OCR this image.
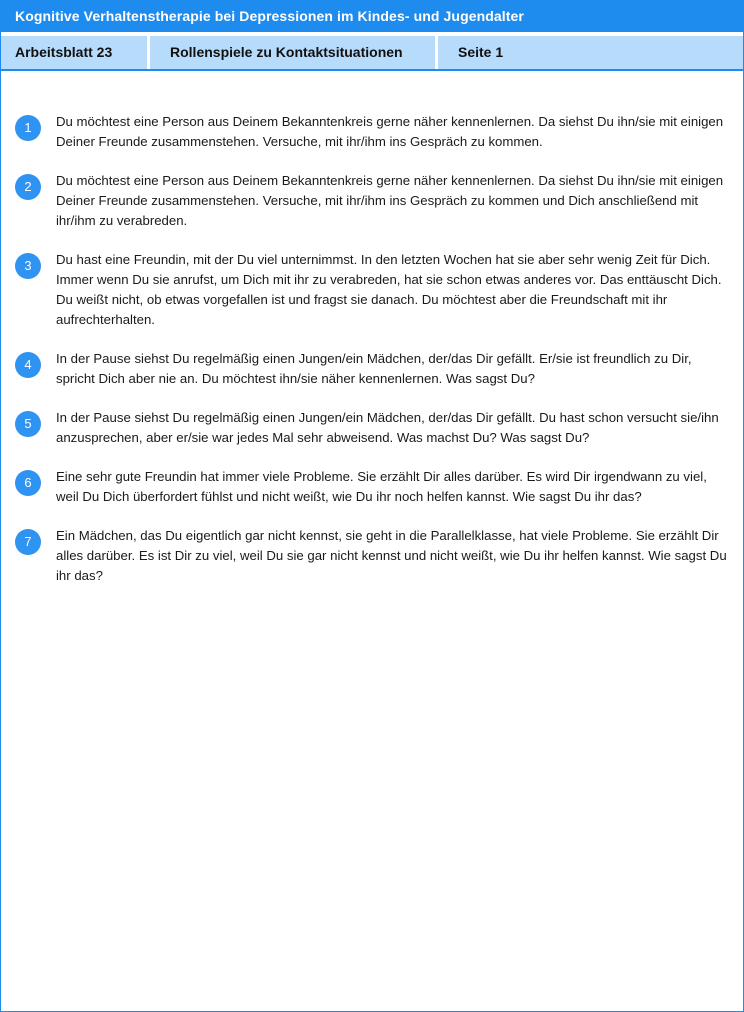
Kognitive Verhaltenstherapie bei Depressionen im Kindes- und Jugendalter
Arbeitsblatt 23	Rollenspiele zu Kontaktsituationen	Seite 1
1	Du möchtest eine Person aus Deinem Bekanntenkreis gerne näher kennenlernen. Da siehst Du ihn/sie mit einigen Deiner Freunde zusammenstehen. Versuche, mit ihr/ihm ins Gespräch zu kommen.
2	Du möchtest eine Person aus Deinem Bekanntenkreis gerne näher kennenlernen. Da siehst Du ihn/sie mit einigen Deiner Freunde zusammenstehen. Versuche, mit ihr/ihm ins Gespräch zu kommen und Dich anschließend mit ihr/ihm zu verabreden.
3	Du hast eine Freundin, mit der Du viel unternimmst. In den letzten Wochen hat sie aber sehr wenig Zeit für Dich. Immer wenn Du sie anrufst, um Dich mit ihr zu verabreden, hat sie schon etwas anderes vor. Das enttäuscht Dich. Du weißt nicht, ob etwas vorgefallen ist und fragst sie danach. Du möchtest aber die Freundschaft mit ihr aufrechterhalten.
4	In der Pause siehst Du regelmäßig einen Jungen/ein Mädchen, der/das Dir gefällt. Er/sie ist freundlich zu Dir, spricht Dich aber nie an. Du möchtest ihn/sie näher kennenlernen. Was sagst Du?
5	In der Pause siehst Du regelmäßig einen Jungen/ein Mädchen, der/das Dir gefällt. Du hast schon versucht sie/ihn anzusprechen, aber er/sie war jedes Mal sehr abweisend. Was machst Du? Was sagst Du?
6	Eine sehr gute Freundin hat immer viele Probleme. Sie erzählt Dir alles darüber. Es wird Dir irgendwann zu viel, weil Du Dich überfordert fühlst und nicht weißt, wie Du ihr noch helfen kannst. Wie sagst Du ihr das?
7	Ein Mädchen, das Du eigentlich gar nicht kennst, sie geht in die Parallelklasse, hat viele Probleme. Sie erzählt Dir alles darüber. Es ist Dir zu viel, weil Du sie gar nicht kennst und nicht weißt, wie Du ihr helfen kannst. Wie sagst Du ihr das?
